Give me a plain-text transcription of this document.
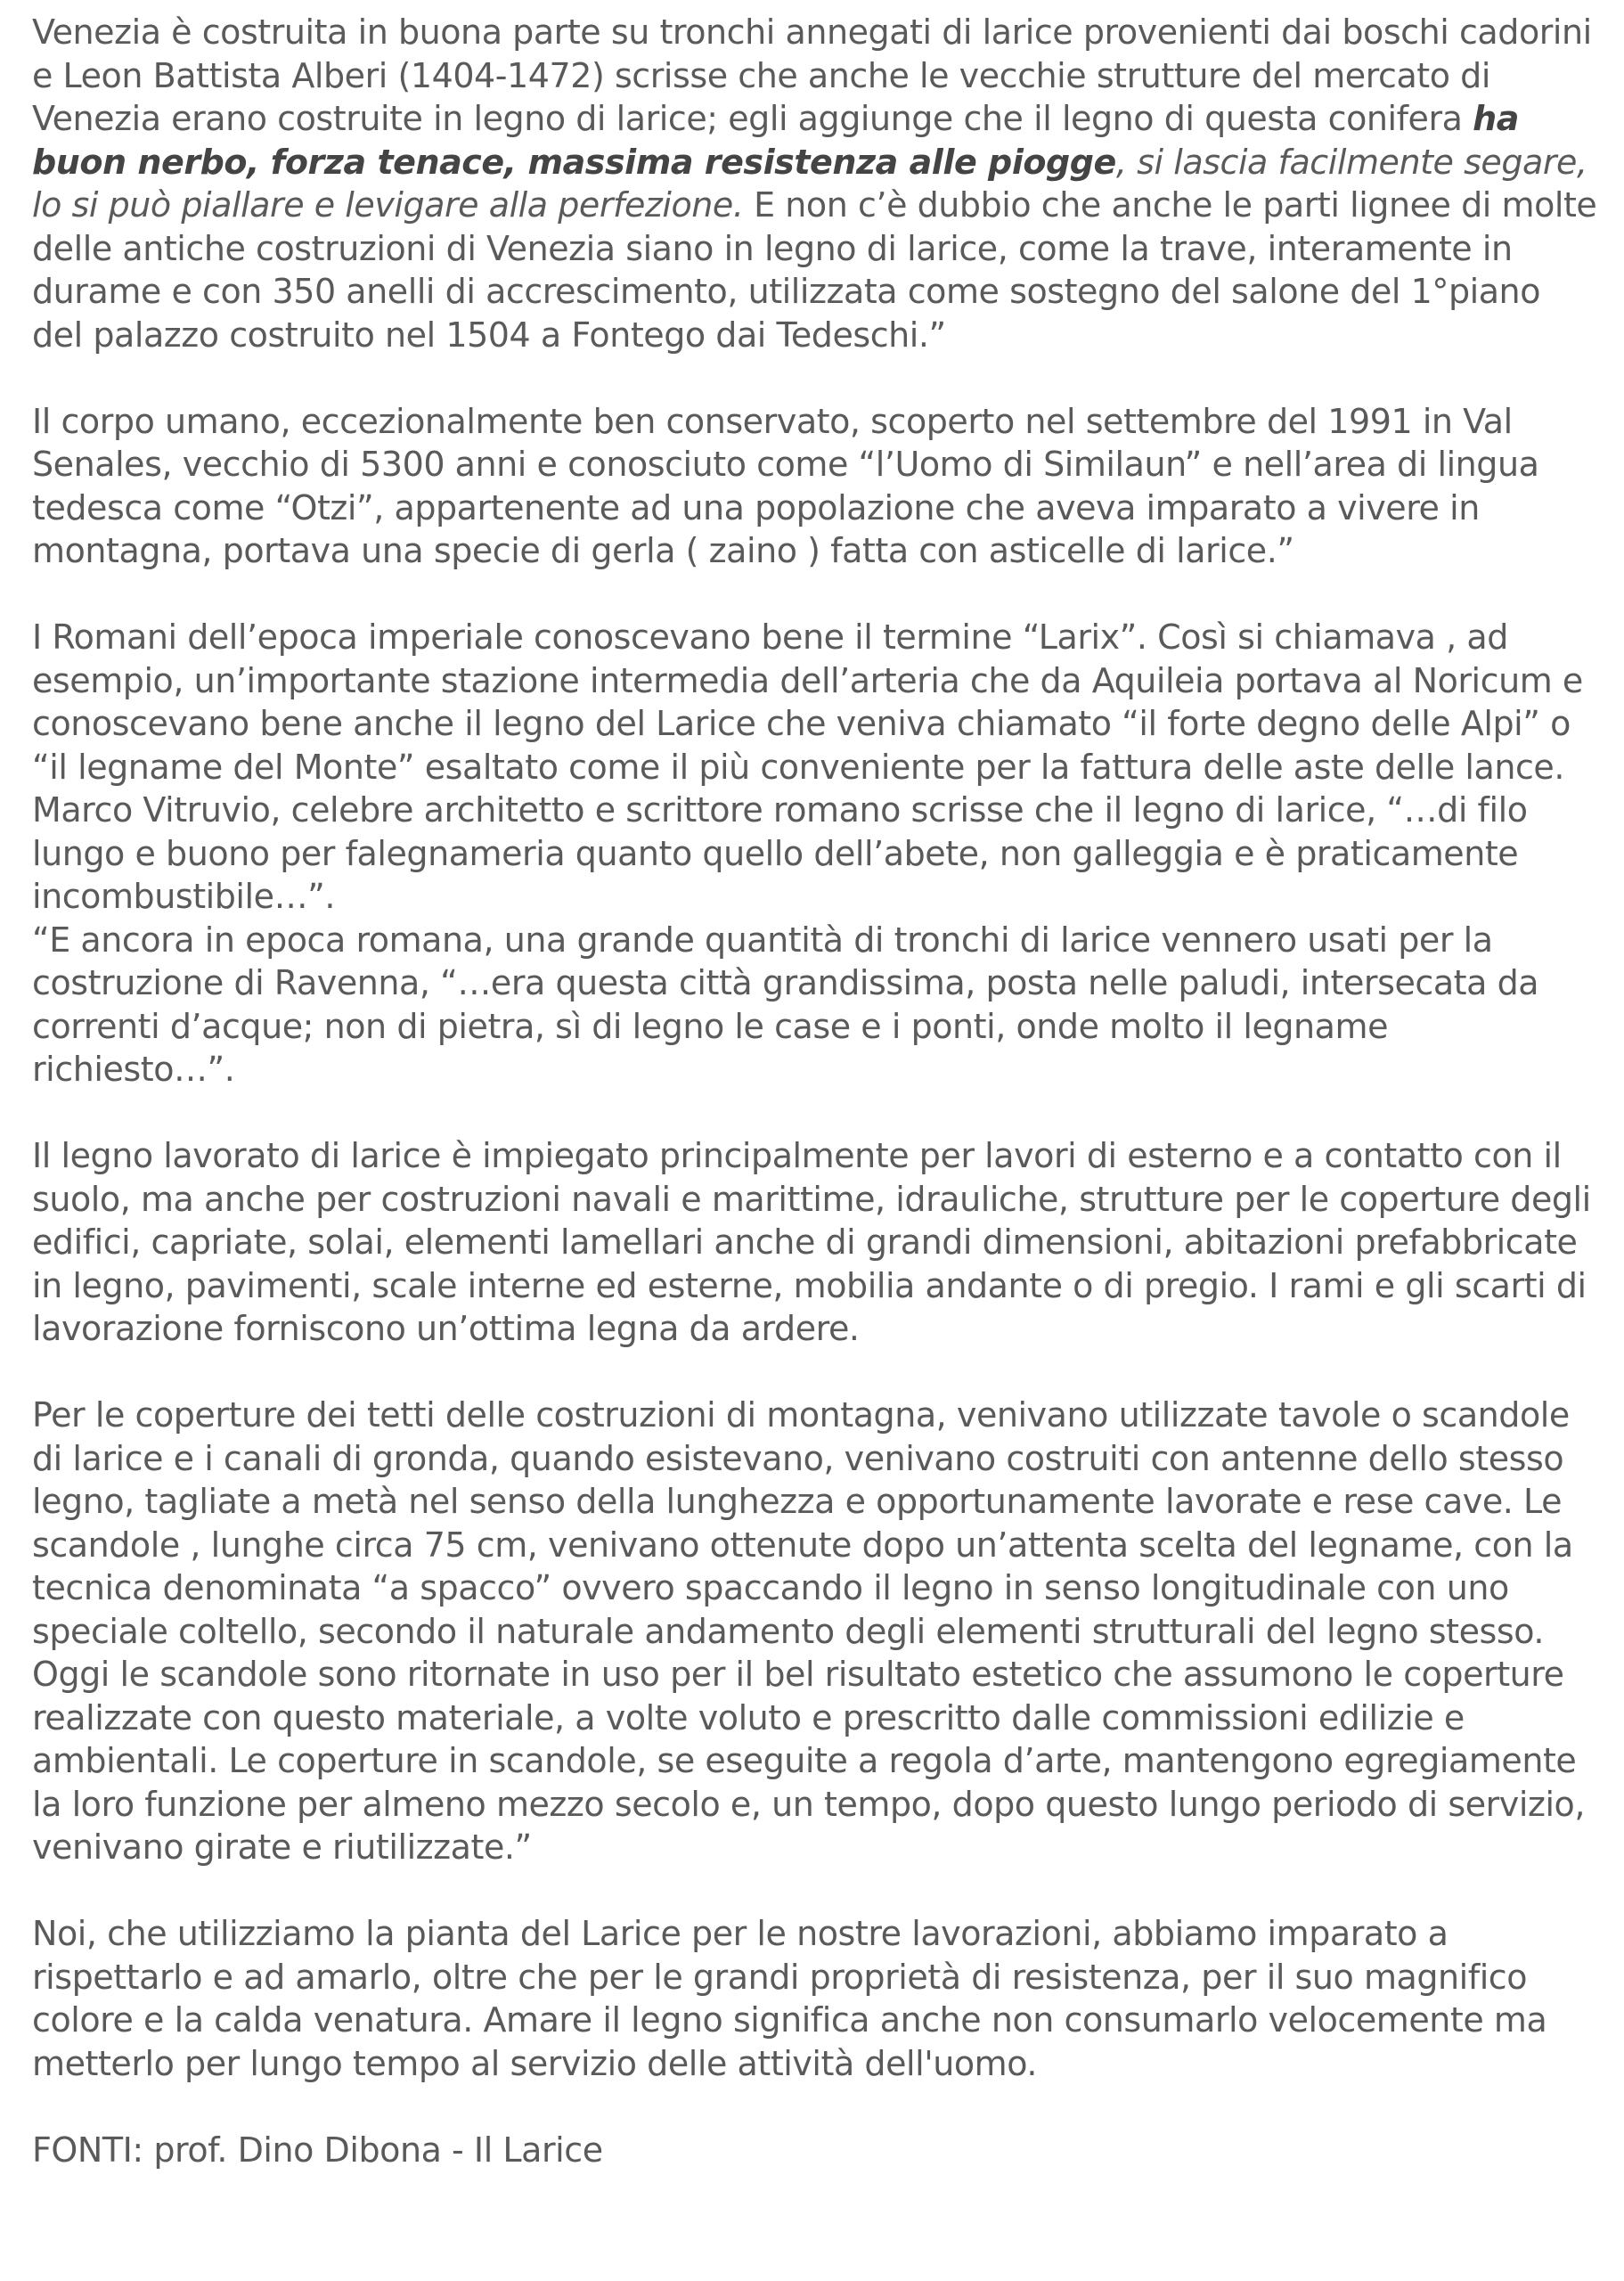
Venezia è costruita in buona parte su tronchi annegati di larice provenienti dai boschi cadorini e Leon Battista Alberi (1404-1472) scrisse che anche le vecchie strutture del mercato di Venezia erano costruite in legno di larice; egli aggiunge che il legno di questa conifera ha buon nerbo, forza tenace, massima resistenza alle piogge, si lascia facilmente segare, lo si può piallare e levigare alla perfezione. E non c’è dubbio che anche le parti lignee di molte delle antiche costruzioni di Venezia siano in legno di larice, come la trave, interamente in durame e con 350 anelli di accrescimento, utilizzata come sostegno del salone del 1°piano del palazzo costruito nel 1504 a Fontego dai Tedeschi.”

Il corpo umano, eccezionalmente ben conservato, scoperto nel settembre del 1991 in Val Senales, vecchio di 5300 anni e conosciuto come “l’Uomo di Similaun” e nell’area di lingua tedesca come “Otzi”, appartenente ad una popolazione che aveva imparato a vivere in montagna, portava una specie di gerla ( zaino ) fatta con asticelle di larice.”

I Romani dell’epoca imperiale conoscevano bene il termine “Larix”. Così si chiamava , ad esempio, un’importante stazione intermedia dell’arteria che da Aquileia portava al Noricum e conoscevano bene anche il legno del Larice che veniva chiamato “il forte degno delle Alpi” o “il legname del Monte” esaltato come il più conveniente per la fattura delle aste delle lance. Marco Vitruvio, celebre architetto e scrittore romano scrisse che il legno di larice, “…di filo lungo e buono per falegnameria quanto quello dell’abete, non galleggia e è praticamente incombustibile…”.

“E ancora in epoca romana, una grande quantità di tronchi di larice vennero usati per la costruzione di Ravenna, “…era questa città grandissima, posta nelle paludi, intersecata da correnti d’acque; non di pietra, sì di legno le case e i ponti, onde molto il legname richiesto…”.

Il legno lavorato di larice è impiegato principalmente per lavori di esterno e a contatto con il suolo, ma anche per costruzioni navali e marittime, idrauliche, strutture per le coperture degli edifici, capriate, solai, elementi lamellari anche di grandi dimensioni, abitazioni prefabbricate in legno, pavimenti, scale interne ed esterne, mobilia andante o di pregio. I rami e gli scarti di lavorazione forniscono un’ottima legna da ardere.

Per le coperture dei tetti delle costruzioni di montagna, venivano utilizzate tavole o scandole di larice e i canali di gronda, quando esistevano, venivano costruiti con antenne dello stesso legno, tagliate a metà nel senso della lunghezza e opportunamente lavorate e rese cave. Le scandole , lunghe circa 75 cm, venivano ottenute dopo un’attenta scelta del legname, con la tecnica denominata “a spacco” ovvero spaccando il legno in senso longitudinale con uno speciale coltello, secondo il naturale andamento degli elementi strutturali del legno stesso. Oggi le scandole sono ritornate in uso per il bel risultato estetico che assumono le coperture realizzate con questo materiale, a volte voluto e prescritto dalle commissioni edilizie e ambientali. Le coperture in scandole, se eseguite a regola d’arte, mantengono egregiamente la loro funzione per almeno mezzo secolo e, un tempo, dopo questo lungo periodo di servizio, venivano girate e riutilizzate.”

Noi, che utilizziamo la pianta del Larice per le nostre lavorazioni, abbiamo imparato a rispettarlo e ad amarlo, oltre che per le grandi proprietà di resistenza, per il suo magnifico colore e la calda venatura. Amare il legno significa anche non consumarlo velocemente ma metterlo per lungo tempo al servizio delle attività dell'uomo.

FONTI: prof. Dino Dibona - Il Larice
